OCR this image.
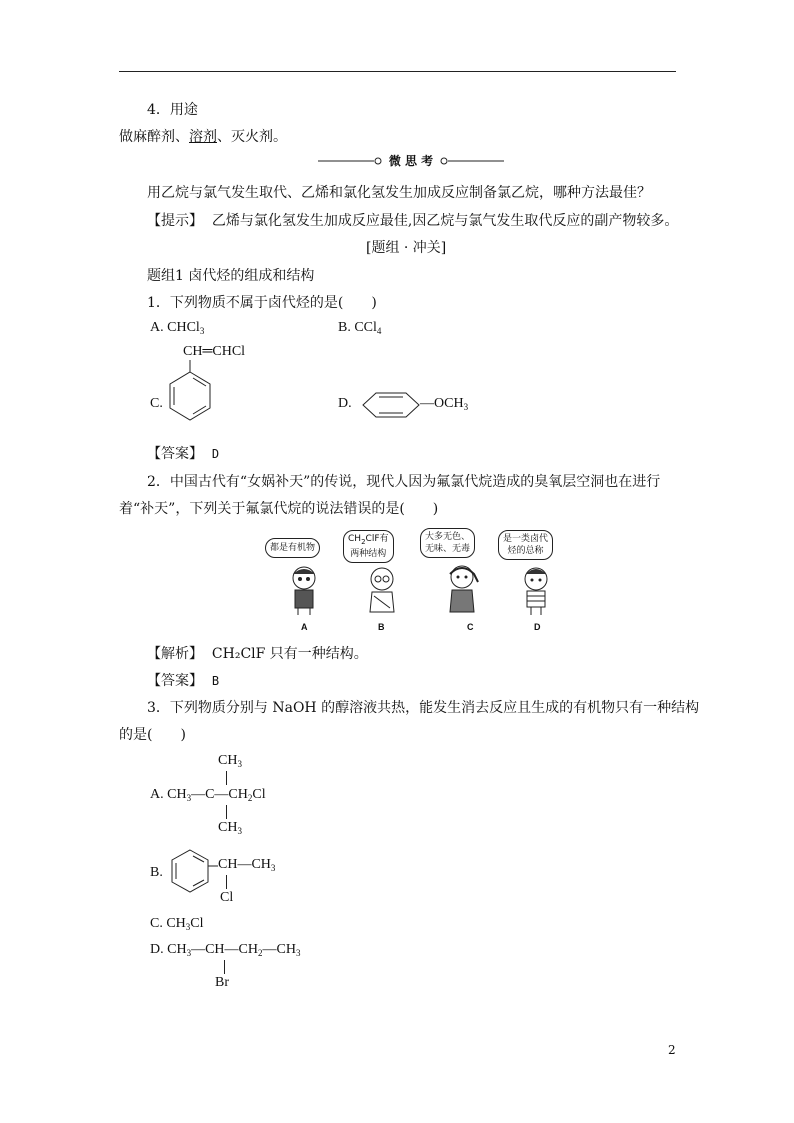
4．用途
做麻醉剂、溶剂、灭火剂。
微 思 考
用乙烷与氯气发生取代、乙烯和氯化氢发生加成反应制备氯乙烷，哪种方法最佳？
【提示】 乙烯与氯化氢发生加成反应最佳,因乙烷与氯气发生取代反应的副产物较多。
[题组 · 冲关]
题组1 卤代烃的组成和结构
1．下列物质不属于卤代烃的是(　　)
A. CHCl$_3$	B. CCl$_4$
C.
CH═CHCl
D.	$—OCH_3$
【答案】 D
2．中国古代有“女娲补天”的传说，现代人因为氟氯代烷造成的臭氧层空洞也在进行
着“补天”，下列关于氟氯代烷的说法错误的是(　　)
都是有机物
$CH_2ClF$有
两种结构
大多无色、
无味、无毒
是一类卤代
烃的总称
A	B	C	D
【解析】 CH₂ClF 只有一种结构。
【答案】 B
3．下列物质分别与 NaOH 的醇溶液共热，能发生消去反应且生成的有机物只有一种结构
的是(　　)
$CH_3$
A. $CH_3—C—CH_2Cl$
$CH_3$
B.
$CH—CH_3$
Cl
C. $CH_3Cl$
D. $CH_3—CH—CH_2—CH_3$
Br
2
